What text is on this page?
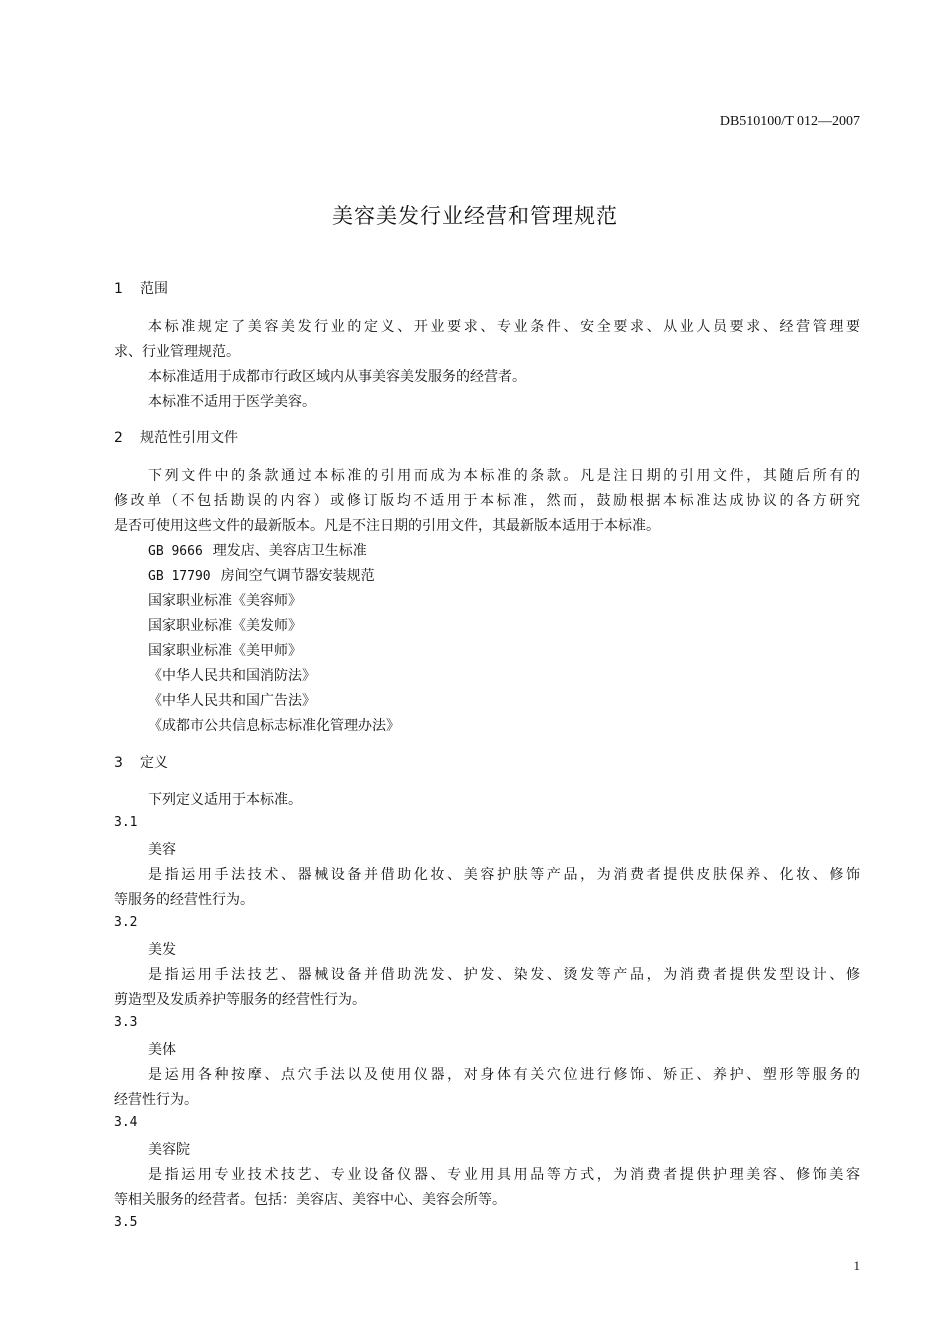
DB510100/T 012—2007
美容美发行业经营和管理规范
1 范围
本标准规定了美容美发行业的定义、开业要求、专业条件、安全要求、从业人员要求、经营管理要
求、行业管理规范。
本标准适用于成都市行政区域内从事美容美发服务的经营者。
本标准不适用于医学美容。
2 规范性引用文件
下列文件中的条款通过本标准的引用而成为本标准的条款。凡是注日期的引用文件，其随后所有的
修改单（不包括勘误的内容）或修订版均不适用于本标准，然而，鼓励根据本标准达成协议的各方研究
是否可使用这些文件的最新版本。凡是不注日期的引用文件，其最新版本适用于本标准。
GB 9666 理发店、美容店卫生标准
GB 17790 房间空气调节器安装规范
国家职业标准《美容师》
国家职业标准《美发师》
国家职业标准《美甲师》
《中华人民共和国消防法》
《中华人民共和国广告法》
《成都市公共信息标志标准化管理办法》
3 定义
下列定义适用于本标准。
3.1
美容
是指运用手法技术、器械设备并借助化妆、美容护肤等产品，为消费者提供皮肤保养、化妆、修饰
等服务的经营性行为。
3.2
美发
是指运用手法技艺、器械设备并借助洗发、护发、染发、烫发等产品，为消费者提供发型设计、修
剪造型及发质养护等服务的经营性行为。
3.3
美体
是运用各种按摩、点穴手法以及使用仪器，对身体有关穴位进行修饰、矫正、养护、塑形等服务的
经营性行为。
3.4
美容院
是指运用专业技术技艺、专业设备仪器、专业用具用品等方式，为消费者提供护理美容、修饰美容
等相关服务的经营者。包括：美容店、美容中心、美容会所等。
3.5
1
